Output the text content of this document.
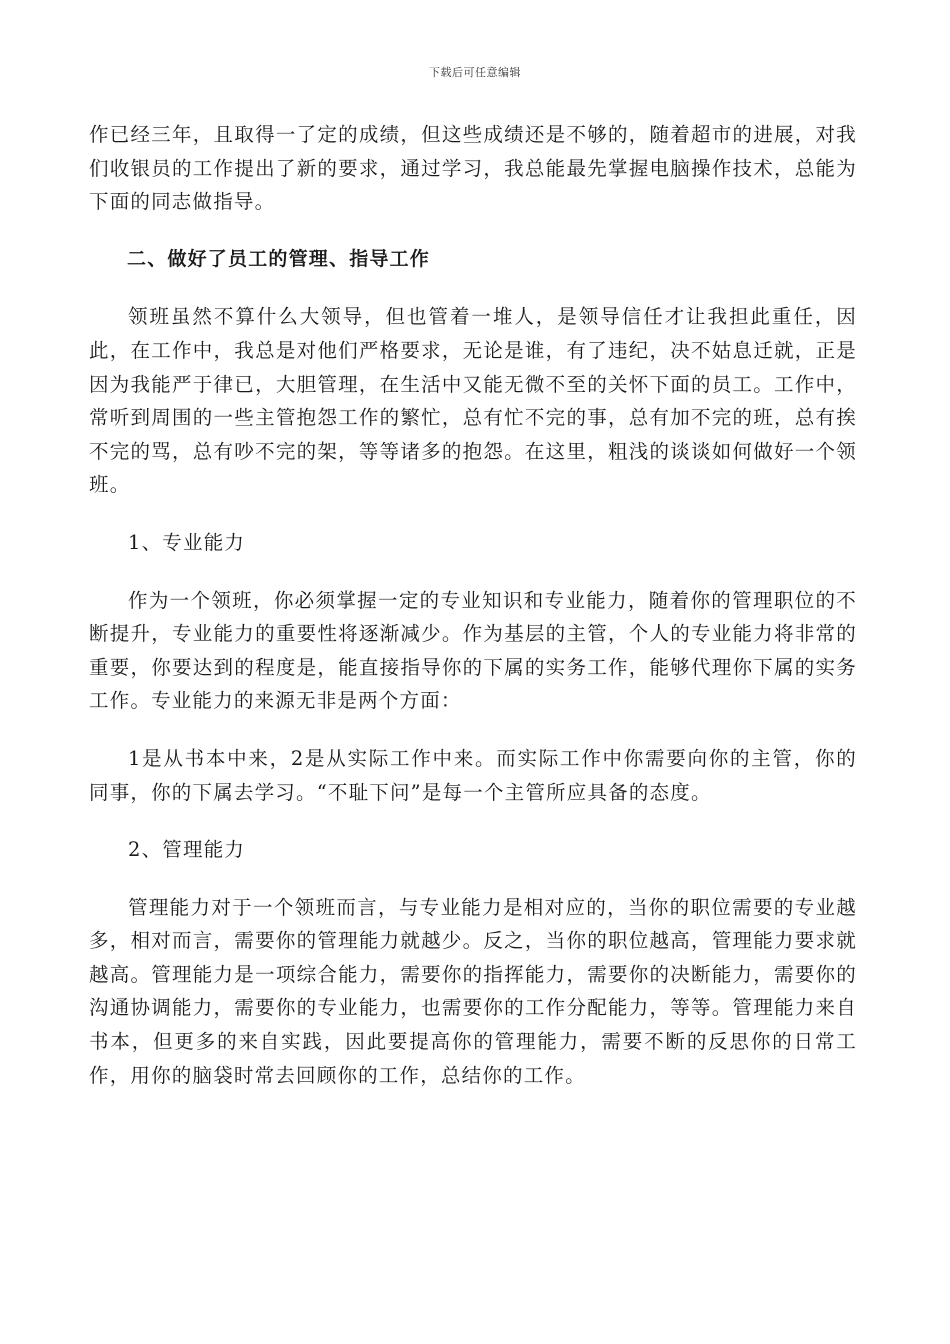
下载后可任意编辑

作已经三年，且取得一了定的成绩，但这些成绩还是不够的，随着超市的进展，对我们收银员的工作提出了新的要求，通过学习，我总能最先掌握电脑操作技术，总能为下面的同志做指导。

二、做好了员工的管理、指导工作

领班虽然不算什么大领导，但也管着一堆人，是领导信任才让我担此重任，因此，在工作中，我总是对他们严格要求，无论是谁，有了违纪，决不姑息迁就，正是因为我能严于律已，大胆管理，在生活中又能无微不至的关怀下面的员工。工作中，常听到周围的一些主管抱怨工作的繁忙，总有忙不完的事，总有加不完的班，总有挨不完的骂，总有吵不完的架，等等诸多的抱怨。在这里，粗浅的谈谈如何做好一个领班。

1、专业能力

作为一个领班，你必须掌握一定的专业知识和专业能力，随着你的管理职位的不断提升，专业能力的重要性将逐渐减少。作为基层的主管，个人的专业能力将非常的重要，你要达到的程度是，能直接指导你的下属的实务工作，能够代理你下属的实务工作。专业能力的来源无非是两个方面：

1是从书本中来，2是从实际工作中来。而实际工作中你需要向你的主管，你的同事，你的下属去学习。“不耻下问”是每一个主管所应具备的态度。

2、管理能力

管理能力对于一个领班而言，与专业能力是相对应的，当你的职位需要的专业越多，相对而言，需要你的管理能力就越少。反之，当你的职位越高，管理能力要求就越高。管理能力是一项综合能力，需要你的指挥能力，需要你的决断能力，需要你的沟通协调能力，需要你的专业能力，也需要你的工作分配能力，等等。管理能力来自书本，但更多的来自实践，因此要提高你的管理能力，需要不断的反思你的日常工作，用你的脑袋时常去回顾你的工作，总结你的工作。
